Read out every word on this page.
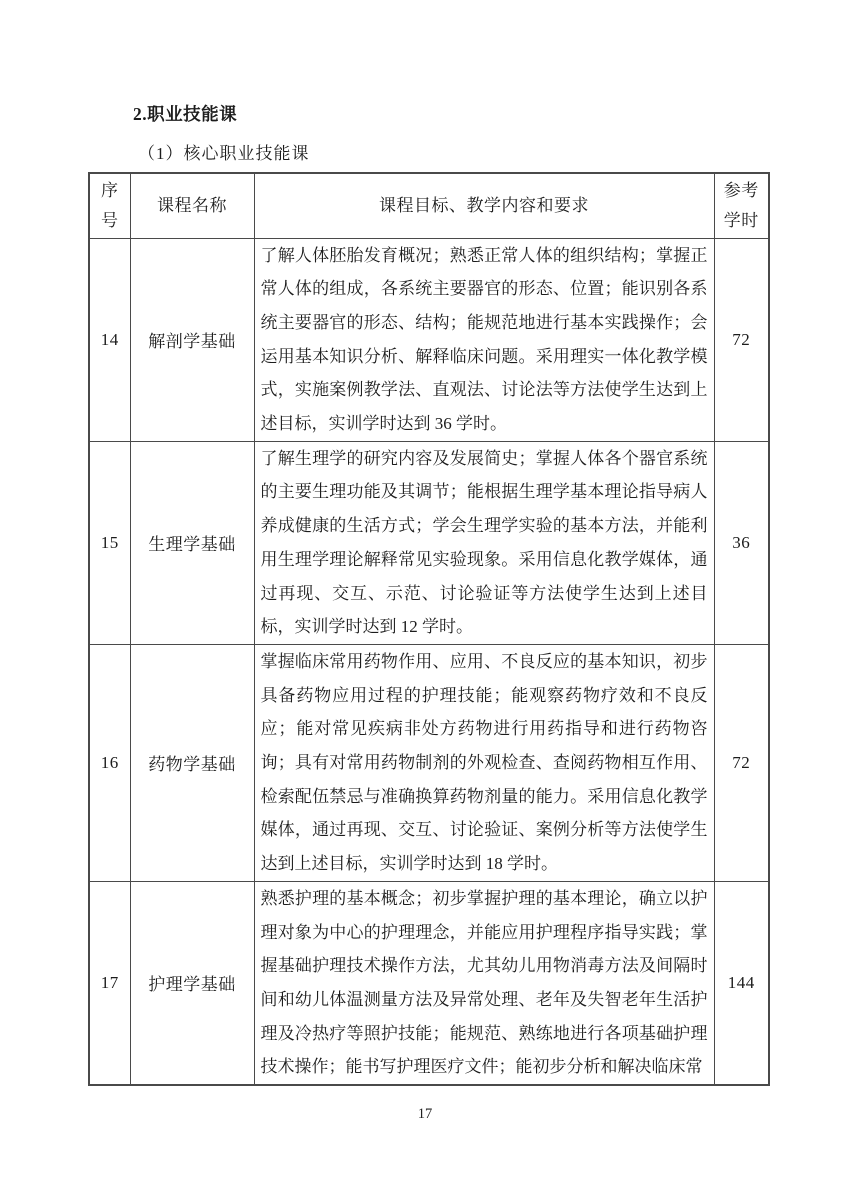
2.职业技能课
（1）核心职业技能课
序号	课程名称	课程目标、教学内容和要求	参考学时
14	解剖学基础	了解人体胚胎发育概况；熟悉正常人体的组织结构；掌握正常人体的组成，各系统主要器官的形态、位置；能识别各系统主要器官的形态、结构；能规范地进行基本实践操作；会运用基本知识分析、解释临床问题。采用理实一体化教学模式，实施案例教学法、直观法、讨论法等方法使学生达到上述目标，实训学时达到 36 学时。	72
15	生理学基础	了解生理学的研究内容及发展简史；掌握人体各个器官系统的主要生理功能及其调节；能根据生理学基本理论指导病人养成健康的生活方式；学会生理学实验的基本方法，并能利用生理学理论解释常见实验现象。采用信息化教学媒体，通过再现、交互、示范、讨论验证等方法使学生达到上述目标，实训学时达到 12 学时。	36
16	药物学基础	掌握临床常用药物作用、应用、不良反应的基本知识，初步具备药物应用过程的护理技能；能观察药物疗效和不良反应；能对常见疾病非处方药物进行用药指导和进行药物咨询；具有对常用药物制剂的外观检查、查阅药物相互作用、检索配伍禁忌与准确换算药物剂量的能力。采用信息化教学媒体，通过再现、交互、讨论验证、案例分析等方法使学生达到上述目标，实训学时达到 18 学时。	72
17	护理学基础	熟悉护理的基本概念；初步掌握护理的基本理论，确立以护理对象为中心的护理理念，并能应用护理程序指导实践；掌握基础护理技术操作方法，尤其幼儿用物消毒方法及间隔时间和幼儿体温测量方法及异常处理、老年及失智老年生活护理及冷热疗等照护技能；能规范、熟练地进行各项基础护理技术操作；能书写护理医疗文件；能初步分析和解决临床常	144
17
